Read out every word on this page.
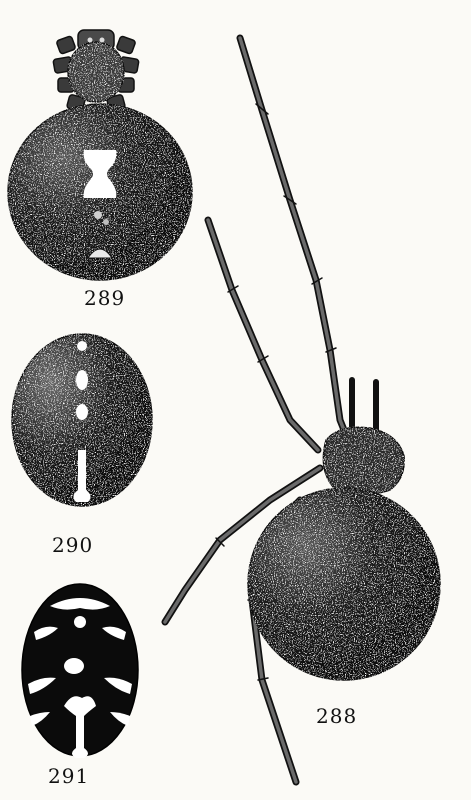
289
290
291
288
